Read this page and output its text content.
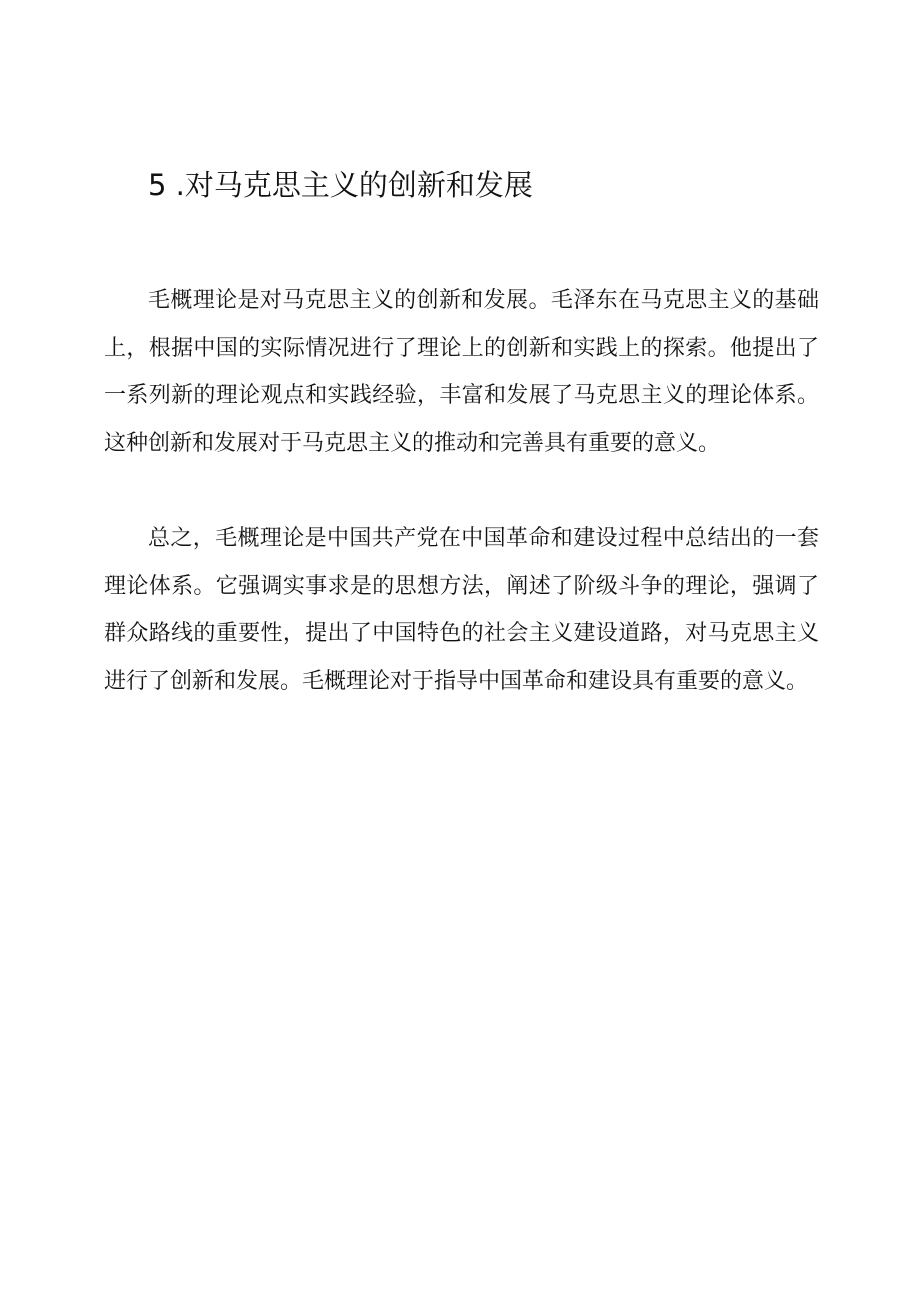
5 .对马克思主义的创新和发展

毛概理论是对马克思主义的创新和发展。毛泽东在马克思主义的基础上，根据中国的实际情况进行了理论上的创新和实践上的探索。他提出了一系列新的理论观点和实践经验，丰富和发展了马克思主义的理论体系。这种创新和发展对于马克思主义的推动和完善具有重要的意义。

总之，毛概理论是中国共产党在中国革命和建设过程中总结出的一套理论体系。它强调实事求是的思想方法，阐述了阶级斗争的理论，强调了群众路线的重要性，提出了中国特色的社会主义建设道路，对马克思主义进行了创新和发展。毛概理论对于指导中国革命和建设具有重要的意义。
